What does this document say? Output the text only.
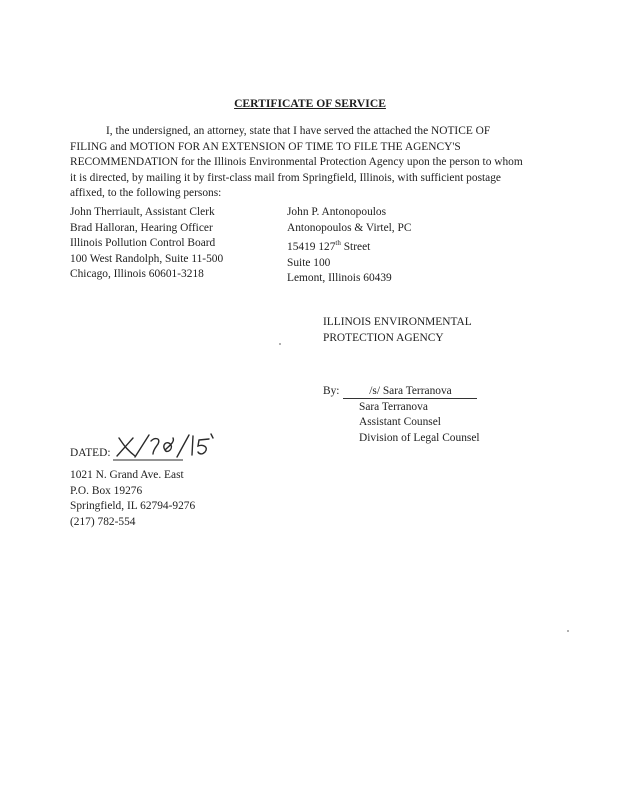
CERTIFICATE OF SERVICE
I, the undersigned, an attorney, state that I have served the attached the NOTICE OF FILING and MOTION FOR AN EXTENSION OF TIME TO FILE THE AGENCY'S RECOMMENDATION for the Illinois Environmental Protection Agency upon the person to whom it is directed, by mailing it by first-class mail from Springfield, Illinois, with sufficient postage affixed, to the following persons:
John Therriault, Assistant Clerk
Brad Halloran, Hearing Officer
Illinois Pollution Control Board
100 West Randolph, Suite 11-500
Chicago, Illinois 60601-3218
John P. Antonopoulos
Antonopoulos & Virtel, PC
15419 127th Street
Suite 100
Lemont, Illinois 60439
ILLINOIS ENVIRONMENTAL
PROTECTION AGENCY
By:	/s/ Sara Terranova
Sara Terranova
Assistant Counsel
Division of Legal Counsel
DATED:
1021 N. Grand Ave. East
P.O. Box 19276
Springfield, IL 62794-9276
(217) 782-554
